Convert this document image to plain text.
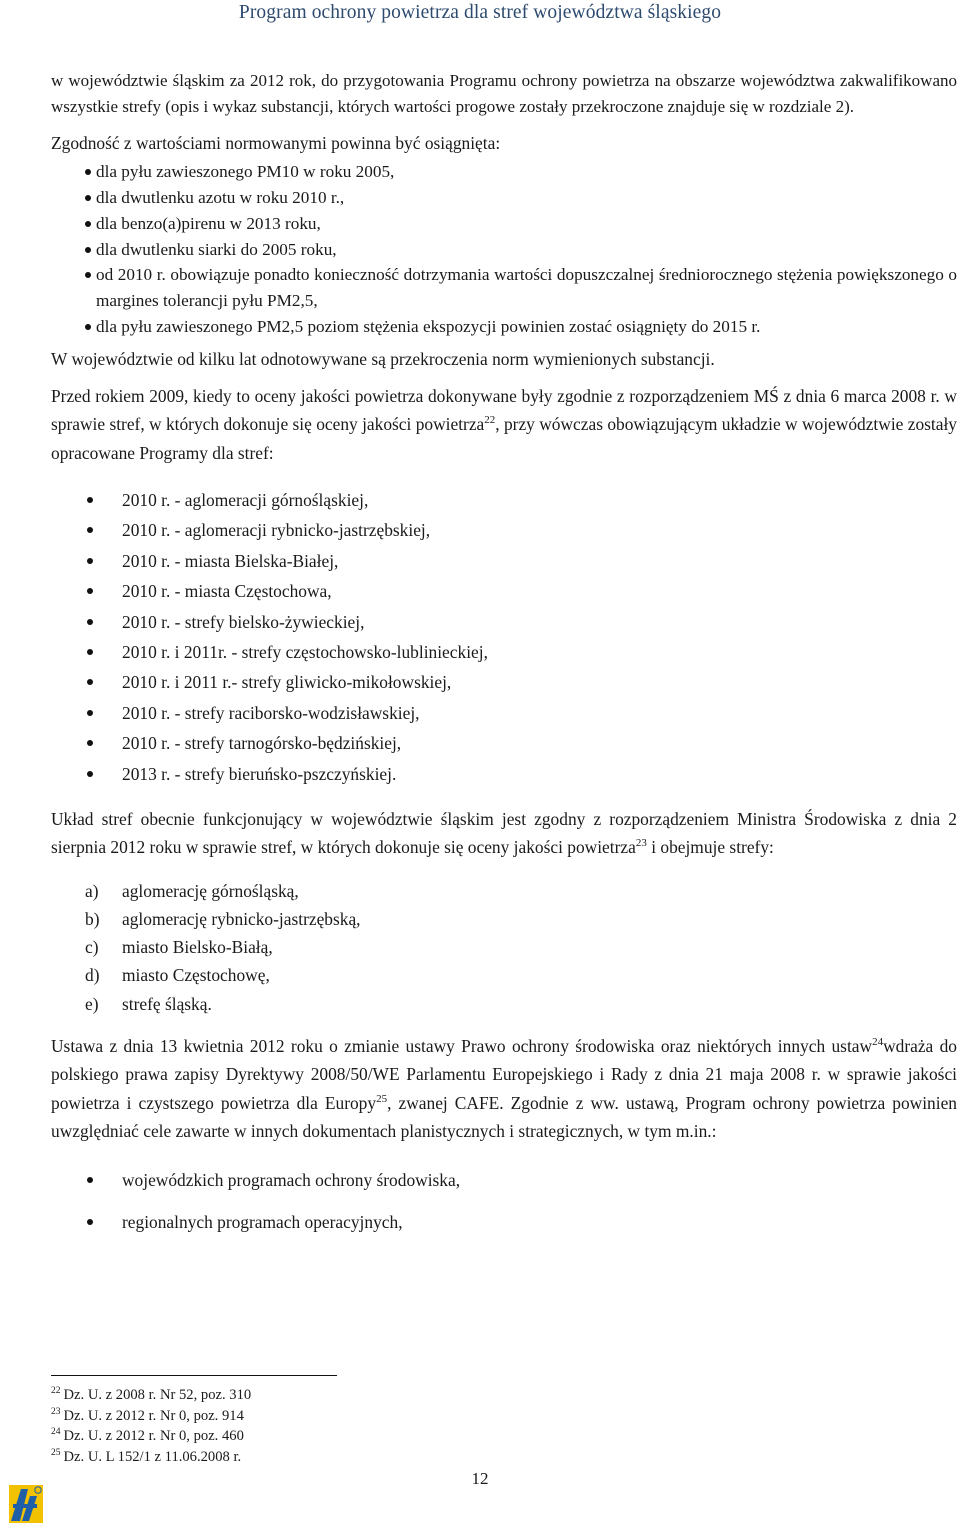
Program ochrony powietrza dla stref województwa śląskiego

w województwie śląskim za 2012 rok, do przygotowania Programu ochrony powietrza na obszarze województwa zakwalifikowano wszystkie strefy (opis i wykaz substancji, których wartości progowe zostały przekroczone znajduje się w rozdziale 2).

Zgodność z wartościami normowanymi powinna być osiągnięta:

dla pyłu zawieszonego PM10 w roku 2005,
dla dwutlenku azotu w roku 2010 r.,
dla benzo(a)pirenu w 2013 roku,
dla dwutlenku siarki do 2005 roku,
od 2010 r. obowiązuje ponadto konieczność dotrzymania wartości dopuszczalnej średniorocznego stężenia powiększonego o margines tolerancji pyłu PM2,5,
dla pyłu zawieszonego PM2,5 poziom stężenia ekspozycji powinien zostać osiągnięty do 2015 r.

W województwie od kilku lat odnotowywane są przekroczenia norm wymienionych substancji.

Przed rokiem 2009, kiedy to oceny jakości powietrza dokonywane były zgodnie z rozporządzeniem MŚ z dnia 6 marca 2008 r. w sprawie stref, w których dokonuje się oceny jakości powietrza$^{22}$, przy wówczas obowiązującym układzie w województwie zostały opracowane Programy dla stref:

2010 r. - aglomeracji górnośląskiej,
2010 r. - aglomeracji rybnicko-jastrzębskiej,
2010 r. - miasta Bielska-Białej,
2010 r. - miasta Częstochowa,
2010 r. - strefy bielsko-żywieckiej,
2010 r. i 2011r. - strefy częstochowsko-lublinieckiej,
2010 r. i 2011 r.- strefy gliwicko-mikołowskiej,
2010 r. - strefy raciborsko-wodzisławskiej,
2010 r. - strefy tarnogórsko-będzińskiej,
2013 r. - strefy bieruńsko-pszczyńskiej.

Układ stref obecnie funkcjonujący w województwie śląskim jest zgodny z rozporządzeniem Ministra Środowiska z dnia 2 sierpnia 2012 roku w sprawie stref, w których dokonuje się oceny jakości powietrza$^{23}$ i obejmuje strefy:

a) aglomerację górnośląską,
b) aglomerację rybnicko-jastrzębską,
c) miasto Bielsko-Białą,
d) miasto Częstochowę,
e) strefę śląską.

Ustawa z dnia 13 kwietnia 2012 roku o zmianie ustawy Prawo ochrony środowiska oraz niektórych innych ustaw$^{24}$wdraża do polskiego prawa zapisy Dyrektywy 2008/50/WE Parlamentu Europejskiego i Rady z dnia 21 maja 2008 r. w sprawie jakości powietrza i czystszego powietrza dla Europy$^{25}$, zwanej CAFE. Zgodnie z ww. ustawą, Program ochrony powietrza powinien uwzględniać cele zawarte w innych dokumentach planistycznych i strategicznych, w tym m.in.:

wojewódzkich programach ochrony środowiska,
regionalnych programach operacyjnych,
$^{22}$ Dz. U. z 2008 r. Nr 52, poz. 310
$^{23}$ Dz. U. z 2012 r. Nr 0, poz. 914
$^{24}$ Dz. U. z 2012 r. Nr 0, poz. 460
$^{25}$ Dz. U. L 152/1 z 11.06.2008 r.
12
